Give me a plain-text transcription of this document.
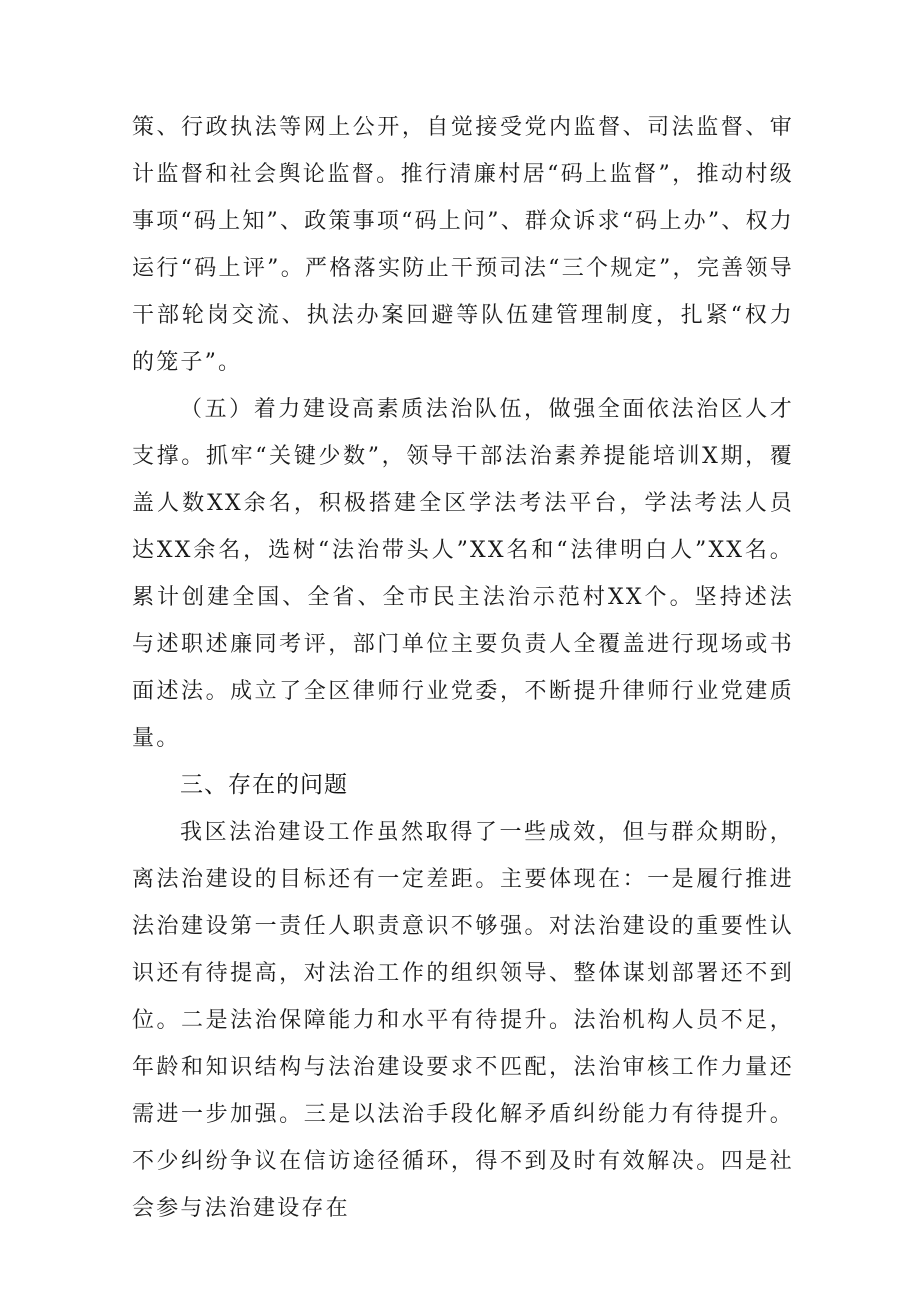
策、行政执法等网上公开，自觉接受党内监督、司法监督、审计监督和社会舆论监督。推行清廉村居“码上监督”，推动村级事项“码上知”、政策事项“码上问”、群众诉求“码上办”、权力运行“码上评”。严格落实防止干预司法“三个规定”，完善领导干部轮岗交流、执法办案回避等队伍建管理制度，扎紧“权力的笼子”。

（五）着力建设高素质法治队伍，做强全面依法治区人才支撑。抓牢“关键少数”，领导干部法治素养提能培训X期，覆盖人数XX余名，积极搭建全区学法考法平台，学法考法人员达XX余名，选树“法治带头人”XX名和“法律明白人”XX名。累计创建全国、全省、全市民主法治示范村XX个。坚持述法与述职述廉同考评，部门单位主要负责人全覆盖进行现场或书面述法。成立了全区律师行业党委，不断提升律师行业党建质量。

三、存在的问题

我区法治建设工作虽然取得了一些成效，但与群众期盼，离法治建设的目标还有一定差距。主要体现在：一是履行推进法治建设第一责任人职责意识不够强。对法治建设的重要性认识还有待提高，对法治工作的组织领导、整体谋划部署还不到位。二是法治保障能力和水平有待提升。法治机构人员不足，年龄和知识结构与法治建设要求不匹配，法治审核工作力量还需进一步加强。三是以法治手段化解矛盾纠纷能力有待提升。不少纠纷争议在信访途径循环，得不到及时有效解决。四是社会参与法治建设存在
